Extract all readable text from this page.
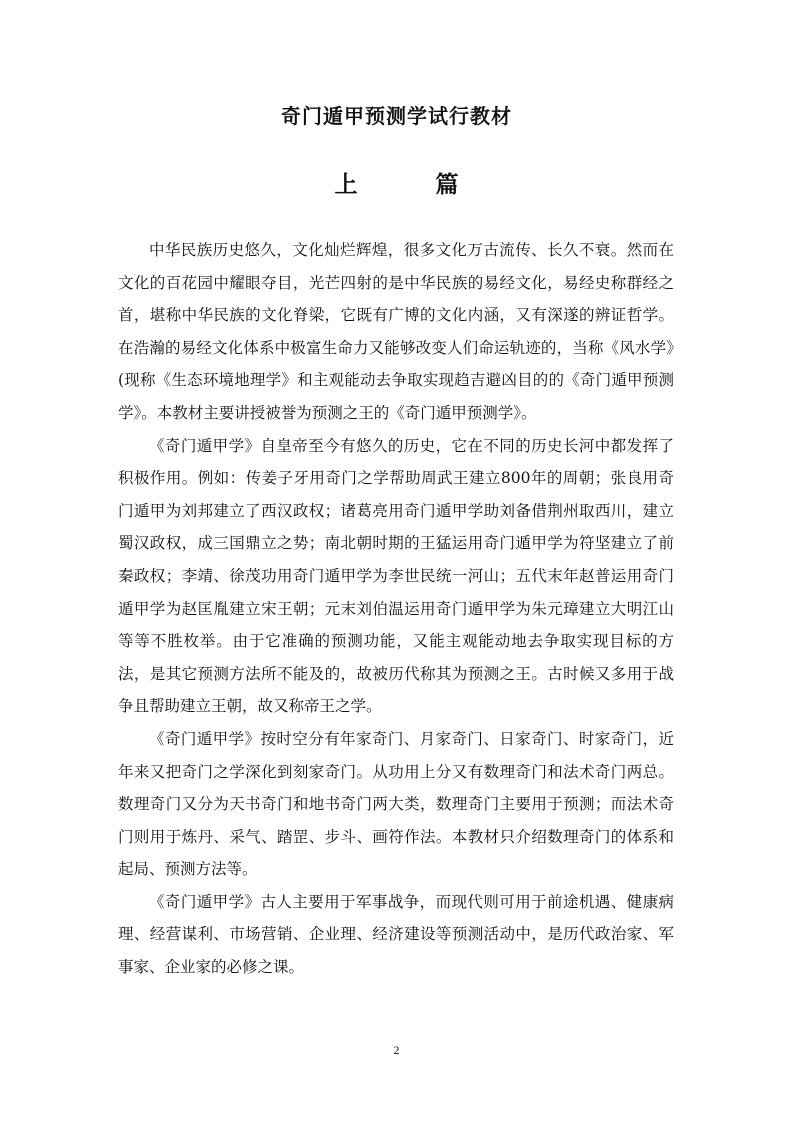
奇门遁甲预测学试行教材
上	篇

中华民族历史悠久，文化灿烂辉煌，很多文化万古流传、长久不衰。然而在文化的百花园中耀眼夺目，光芒四射的是中华民族的易经文化，易经史称群经之首，堪称中华民族的文化脊梁，它既有广博的文化内涵，又有深遂的辨证哲学。在浩瀚的易经文化体系中极富生命力又能够改变人们命运轨迹的，当称《风水学》(现称《生态环境地理学》和主观能动去争取实现趋吉避凶目的的《奇门遁甲预测学》。本教材主要讲授被誉为预测之王的《奇门遁甲预测学》。

《奇门遁甲学》自皇帝至今有悠久的历史，它在不同的历史长河中都发挥了 积极作用。例如：传姜子牙用奇门之学帮助周武王建立800年的周朝；张良用奇门遁甲为刘邦建立了西汉政权；诸葛亮用奇门遁甲学助刘备借荆州取西川，建立蜀汉政权，成三国鼎立之势；南北朝时期的王猛运用奇门遁甲学为符坚建立了前秦政权；李靖、徐茂功用奇门遁甲学为李世民统一河山；五代末年赵普运用奇门遁甲学为赵匡胤建立宋王朝；元末刘伯温运用奇门遁甲学为朱元璋建立大明江山等等不胜枚举。由于它准确的预测功能，又能主观能动地去争取实现目标的方法，是其它预测方法所不能及的，故被历代称其为预测之王。古时候又多用于战争且帮助建立王朝，故又称帝王之学。

《奇门遁甲学》按时空分有年家奇门、月家奇门、日家奇门、时家奇门，近年来又把奇门之学深化到刻家奇门。从功用上分又有数理奇门和法术奇门两总。数理奇门又分为天书奇门和地书奇门两大类，数理奇门主要用于预测；而法术奇门则用于炼丹、采气、踏罡、步斗、画符作法。本教材只介绍数理奇门的体系和起局、预测方法等。

《奇门遁甲学》古人主要用于军事战争，而现代则可用于前途机遇、健康病理、经营谋利、市场营销、企业理、经济建设等预测活动中，是历代政治家、军事家、企业家的必修之课。

2
